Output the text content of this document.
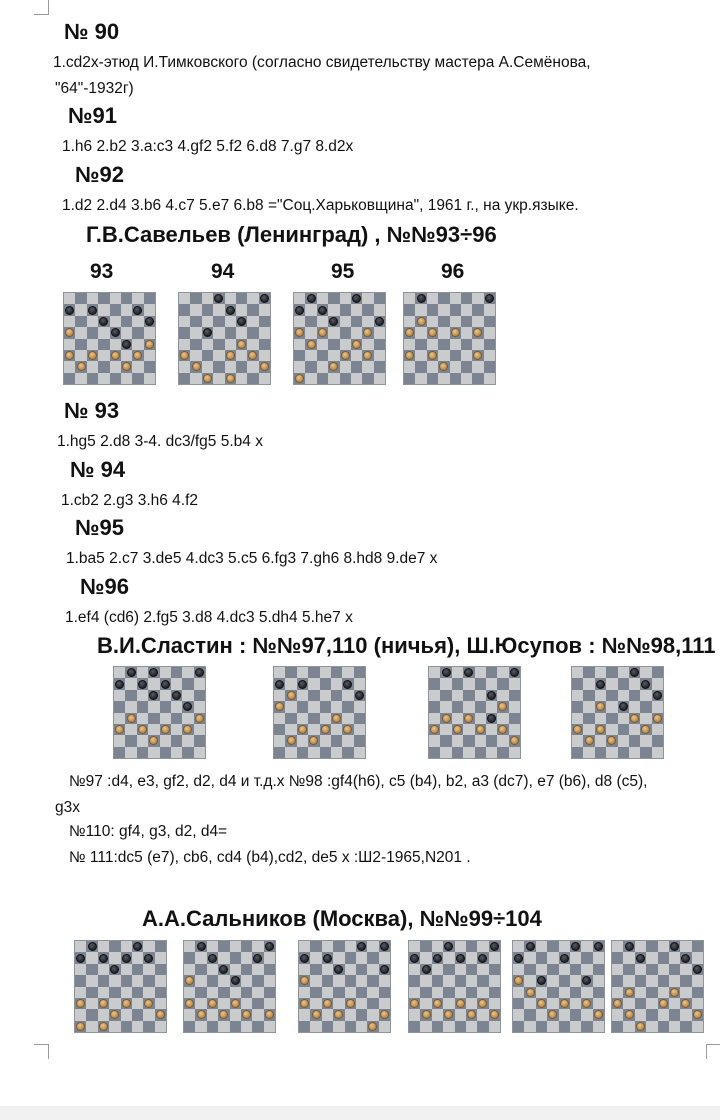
№ 90
1.cd2x-этюд И.Тимковского (согласно свидетельству мастера А.Семёнова,
"64"-1932г)
№91
1.h6 2.b2 3.a:c3 4.gf2 5.f2 6.d8 7.g7 8.d2x
№92
1.d2 2.d4 3.b6 4.c7 5.e7 6.b8 ="Соц.Харьковщина", 1961 г., на укр.языке.
Г.В.Савельев (Ленинград) , №№93÷96
93	94	95	96
№ 93
1.hg5 2.d8 3-4. dc3/fg5 5.b4 x
№ 94
1.cb2 2.g3 3.h6 4.f2
№95
1.ba5 2.c7 3.de5 4.dc3 5.c5 6.fg3 7.gh6 8.hd8 9.de7 x
№96
1.ef4 (cd6) 2.fg5 3.d8 4.dc3 5.dh4 5.he7 x
В.И.Сластин : №№97,110 (ничья), Ш.Юсупов : №№98,111
№97 :d4, e3, gf2, d2, d4 и т.д.x №98 :gf4(h6), c5 (b4), b2, a3 (dc7), e7 (b6), d8 (c5),
g3x
№110: gf4, g3, d2, d4=
№ 111:dc5 (e7), cb6, cd4 (b4),cd2, de5 x :Ш2-1965,N201 .
А.А.Сальников (Москва), №№99÷104
